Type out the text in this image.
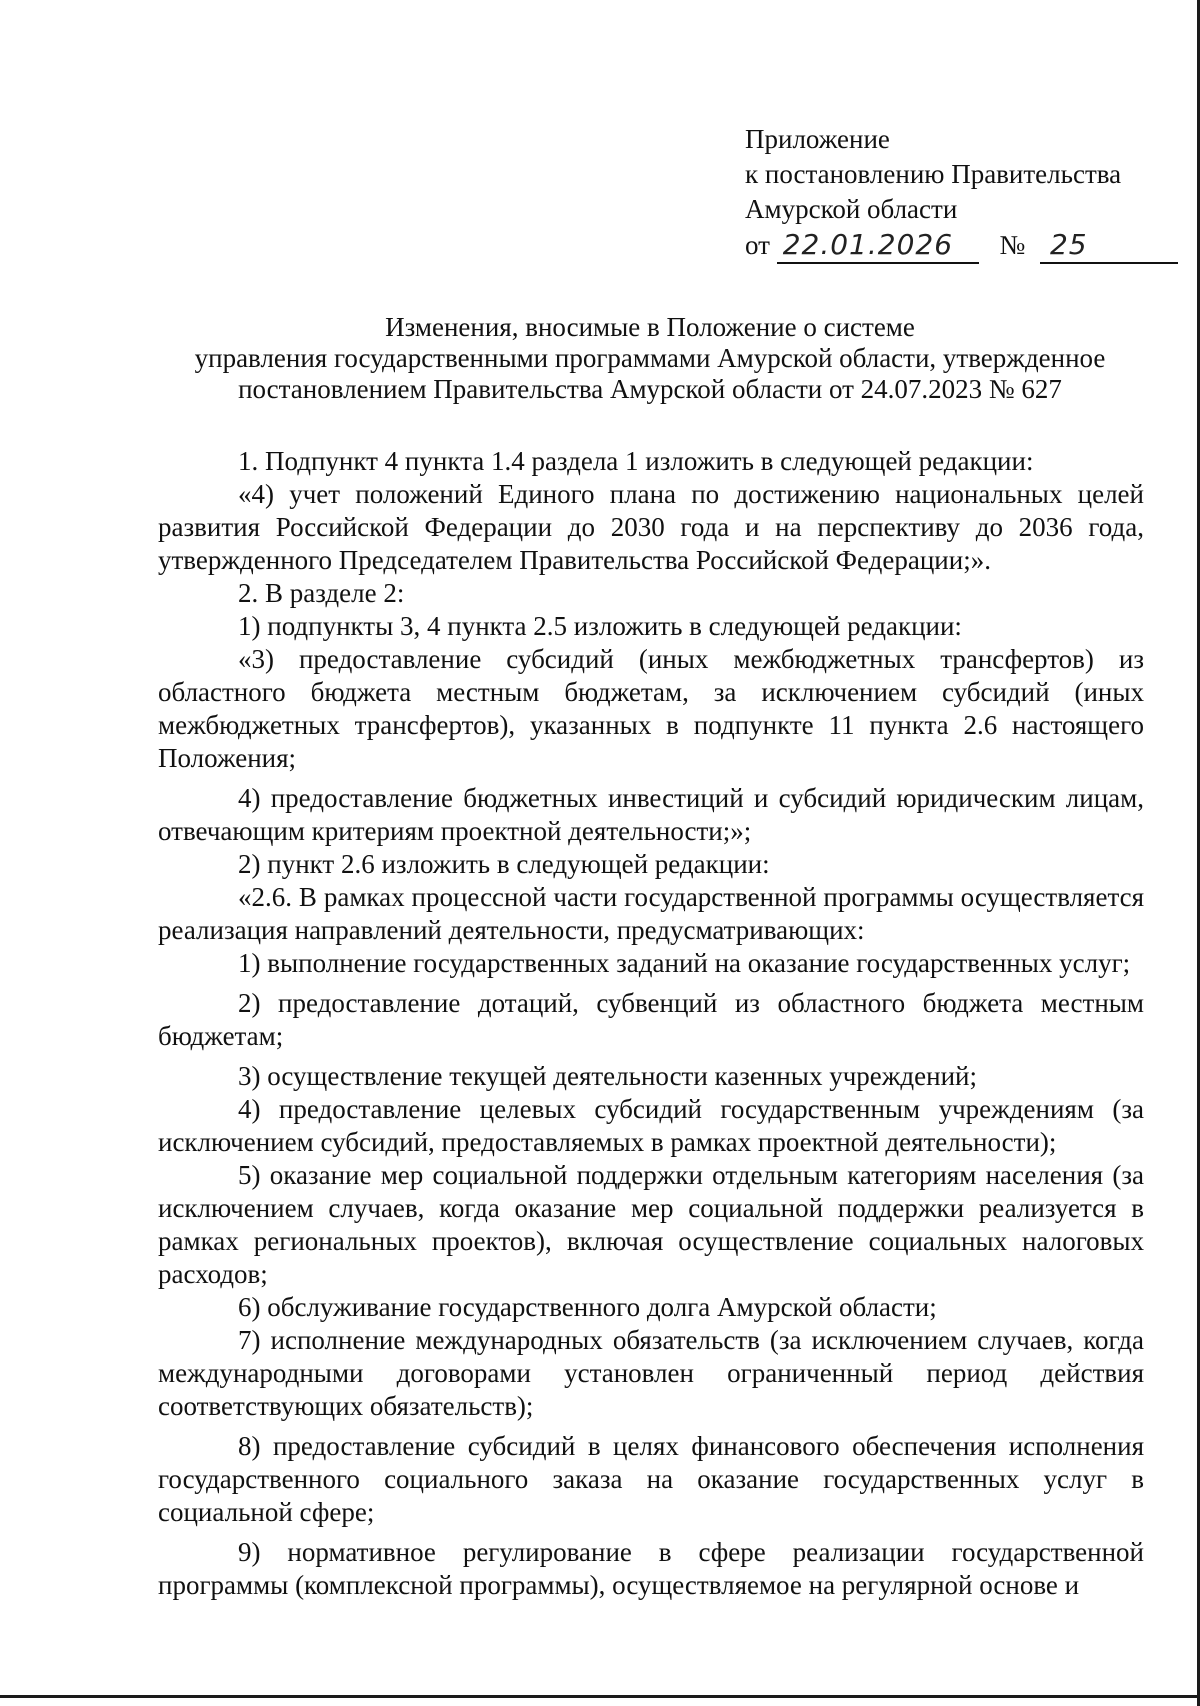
Приложение
к постановлению Правительства
Амурской области
от 22.01.2026 № 25
Изменения, вносимые в Положение о системе
управления государственными программами Амурской области, утвержденное
постановлением Правительства Амурской области от 24.07.2023 № 627

1. Подпункт 4 пункта 1.4 раздела 1 изложить в следующей редакции:

«4) учет положений Единого плана по достижению национальных целей развития Российской Федерации до 2030 года и на перспективу до 2036 года, утвержденного Председателем Правительства Российской Федерации;».

2. В разделе 2:

1) подпункты 3, 4 пункта 2.5 изложить в следующей редакции:

«3) предоставление субсидий (иных межбюджетных трансфертов) из областного бюджета местным бюджетам, за исключением субсидий (иных межбюджетных трансфертов), указанных в подпункте 11 пункта 2.6 настоящего Положения;

4) предоставление бюджетных инвестиций и субсидий юридическим лицам, отвечающим критериям проектной деятельности;»;

2) пункт 2.6 изложить в следующей редакции:

«2.6. В рамках процессной части государственной программы осуществляется реализация направлений деятельности, предусматривающих:

1) выполнение государственных заданий на оказание государственных услуг;

2) предоставление дотаций, субвенций из областного бюджета местным бюджетам;

3) осуществление текущей деятельности казенных учреждений;

4) предоставление целевых субсидий государственным учреждениям (за исключением субсидий, предоставляемых в рамках проектной деятельности);

5) оказание мер социальной поддержки отдельным категориям населения (за исключением случаев, когда оказание мер социальной поддержки реализуется в рамках региональных проектов), включая осуществление социальных налоговых расходов;

6) обслуживание государственного долга Амурской области;

7) исполнение международных обязательств (за исключением случаев, когда международными договорами установлен ограниченный период действия соответствующих обязательств);

8) предоставление субсидий в целях финансового обеспечения исполнения государственного социального заказа на оказание государственных услуг в социальной сфере;

9) нормативное регулирование в сфере реализации государственной программы (комплексной программы), осуществляемое на регулярной основе и
